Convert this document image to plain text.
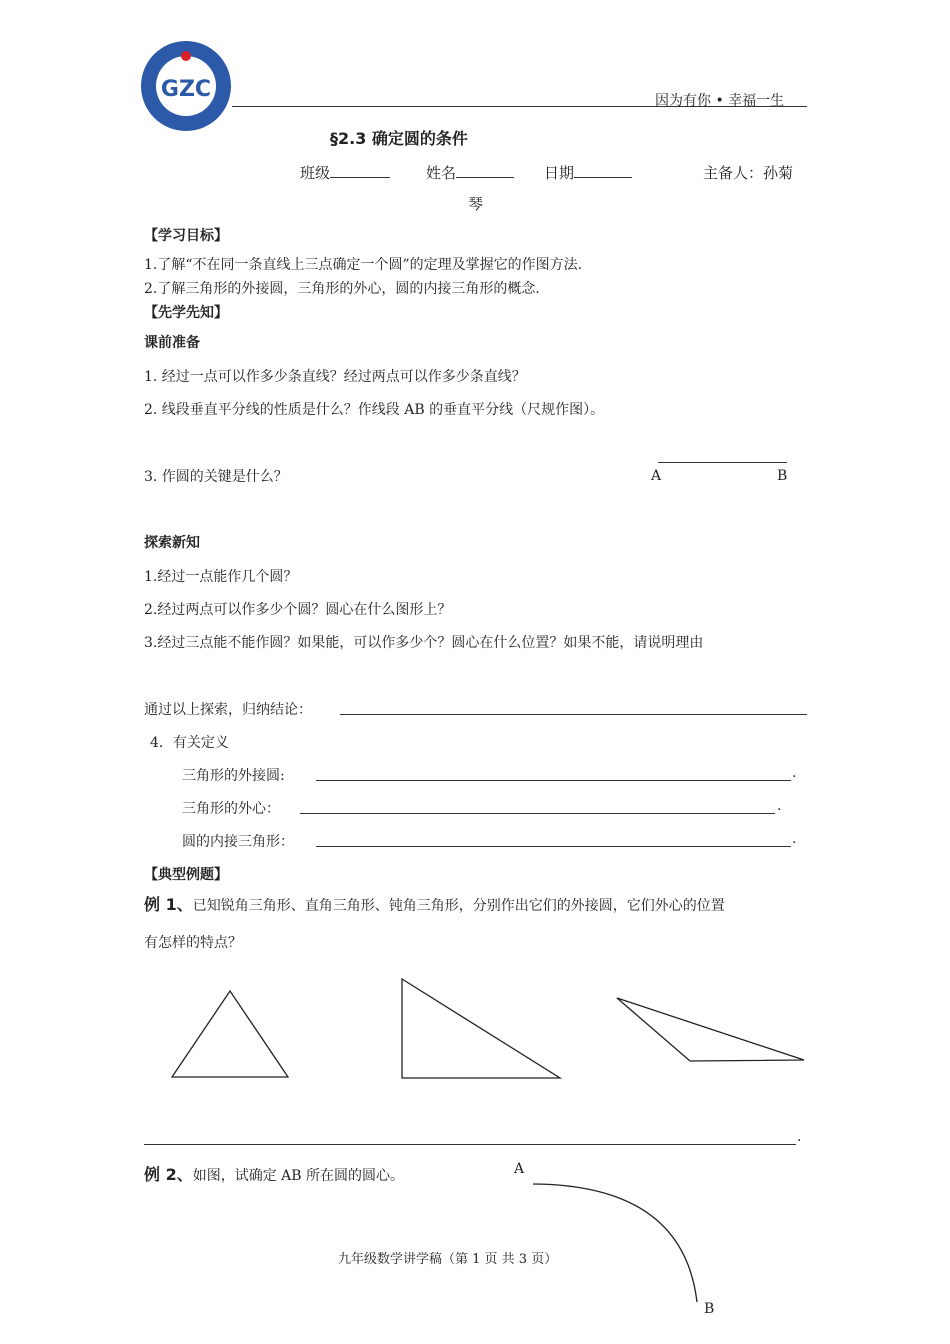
GZC	因为有你 • 幸福一生
§2.3 确定圆的条件
班级	姓名	日期	主备人：孙菊
琴
【学习目标】
1.了解“不在同一条直线上三点确定一个圆”的定理及掌握它的作图方法.
2.了解三角形的外接圆，三角形的外心，圆的内接三角形的概念.
【先学先知】
课前准备
1. 经过一点可以作多少条直线？经过两点可以作多少条直线？
2. 线段垂直平分线的性质是什么？作线段 AB 的垂直平分线（尺规作图）。
3. 作圆的关键是什么？	A	B
探索新知
1.经过一点能作几个圆？
2.经过两点可以作多少个圆？圆心在什么图形上？
3.经过三点能不能作圆？如果能，可以作多少个？圆心在什么位置？如果不能，请说明理由
通过以上探索，归纳结论：
4．有关定义
三角形的外接圆:	.
三角形的外心：	.
圆的内接三角形：	.
【典型例题】
例 1、已知锐角三角形、直角三角形、钝角三角形，分别作出它们的外接圆，它们外心的位置
有怎样的特点？
.
例 2、如图，试确定 AB 所在圆的圆心。	A
B
九年级数学讲学稿（第 1 页 共 3 页）
